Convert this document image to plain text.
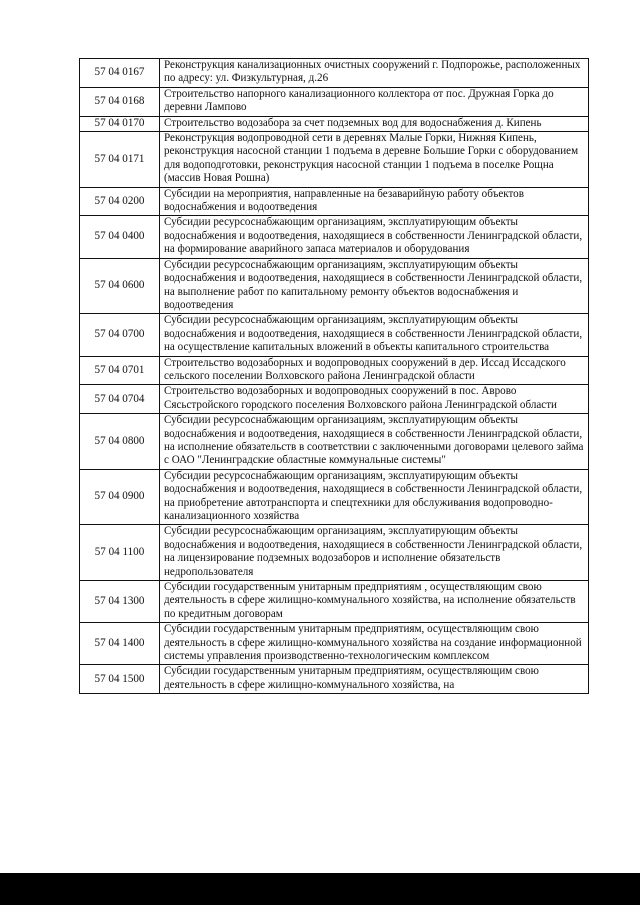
57 04 0167	Реконструкция канализационных очистных сооружений г. Подпорожье, расположенных по адресу: ул. Физкультурная, д.26
57 04 0168	Строительство напорного канализационного коллектора от пос. Дружная Горка до деревни Лампово
57 04 0170	Строительство водозабора за счет подземных вод для водоснабжения д. Кипень
57 04 0171	Реконструкция водопроводной сети в деревнях Малые Горки, Нижняя Кипень, реконструкция насосной станции 1 подъема в деревне Большие Горки с оборудованием для водоподготовки, реконструкция насосной станции 1 подъема в поселке Рощна (массив Новая Рошна)
57 04 0200	Субсидии на мероприятия, направленные на безаварийную работу объектов водоснабжения и водоотведения
57 04 0400	Субсидии ресурсоснабжающим организациям, эксплуатирующим объекты водоснабжения и водоотведения, находящиеся в собственности Ленинградской области, на формирование аварийного запаса материалов и оборудования
57 04 0600	Субсидии ресурсоснабжающим организациям, эксплуатирующим объекты водоснабжения и водоотведения, находящиеся в собственности Ленинградской области, на выполнение работ по капитальному ремонту объектов водоснабжения и водоотведения
57 04 0700	Субсидии ресурсоснабжающим организациям, эксплуатирующим объекты водоснабжения и водоотведения, находящиеся в собственности Ленинградской области, на осуществление капитальных вложений в объекты капитального строительства
57 04 0701	Строительство водозаборных и водопроводных сооружений в дер. Иссад Иссадского сельского поселении Волховского района Ленинградской области
57 04 0704	Строительство водозаборных и водопроводных сооружений в пос. Аврово Сясьстройского городского поселения Волховского района Ленинградской области
57 04 0800	Субсидии ресурсоснабжающим организациям, эксплуатирующим объекты водоснабжения и водоотведения, находящиеся в собственности Ленинградской области, на исполнение обязательств в соответствии с заключенными договорами целевого займа с ОАО "Ленинградские областные коммунальные системы"
57 04 0900	Субсидии ресурсоснабжающим организациям, эксплуатирующим объекты водоснабжения и водоотведения, находящиеся в собственности Ленинградской области, на приобретение автотранспорта и спецтехники для обслуживания водопроводно-канализационного хозяйства
57 04 1100	Субсидии ресурсоснабжающим организациям, эксплуатирующим объекты водоснабжения и водоотведения, находящиеся в собственности Ленинградской области, на лицензирование подземных водозаборов и исполнение обязательств недропользователя
57 04 1300	Субсидии государственным унитарным предприятиям , осуществляющим свою деятельность в сфере жилищно-коммунального хозяйства, на исполнение обязательств по кредитным договорам
57 04 1400	Субсидии государственным унитарным предприятиям, осуществляющим свою деятельность в сфере жилищно-коммунального хозяйства на создание информационной системы управления производственно-технологическим комплексом
57 04 1500	Субсидии государственным унитарным предприятиям, осуществляющим свою деятельность в сфере жилищно-коммунального хозяйства, на
